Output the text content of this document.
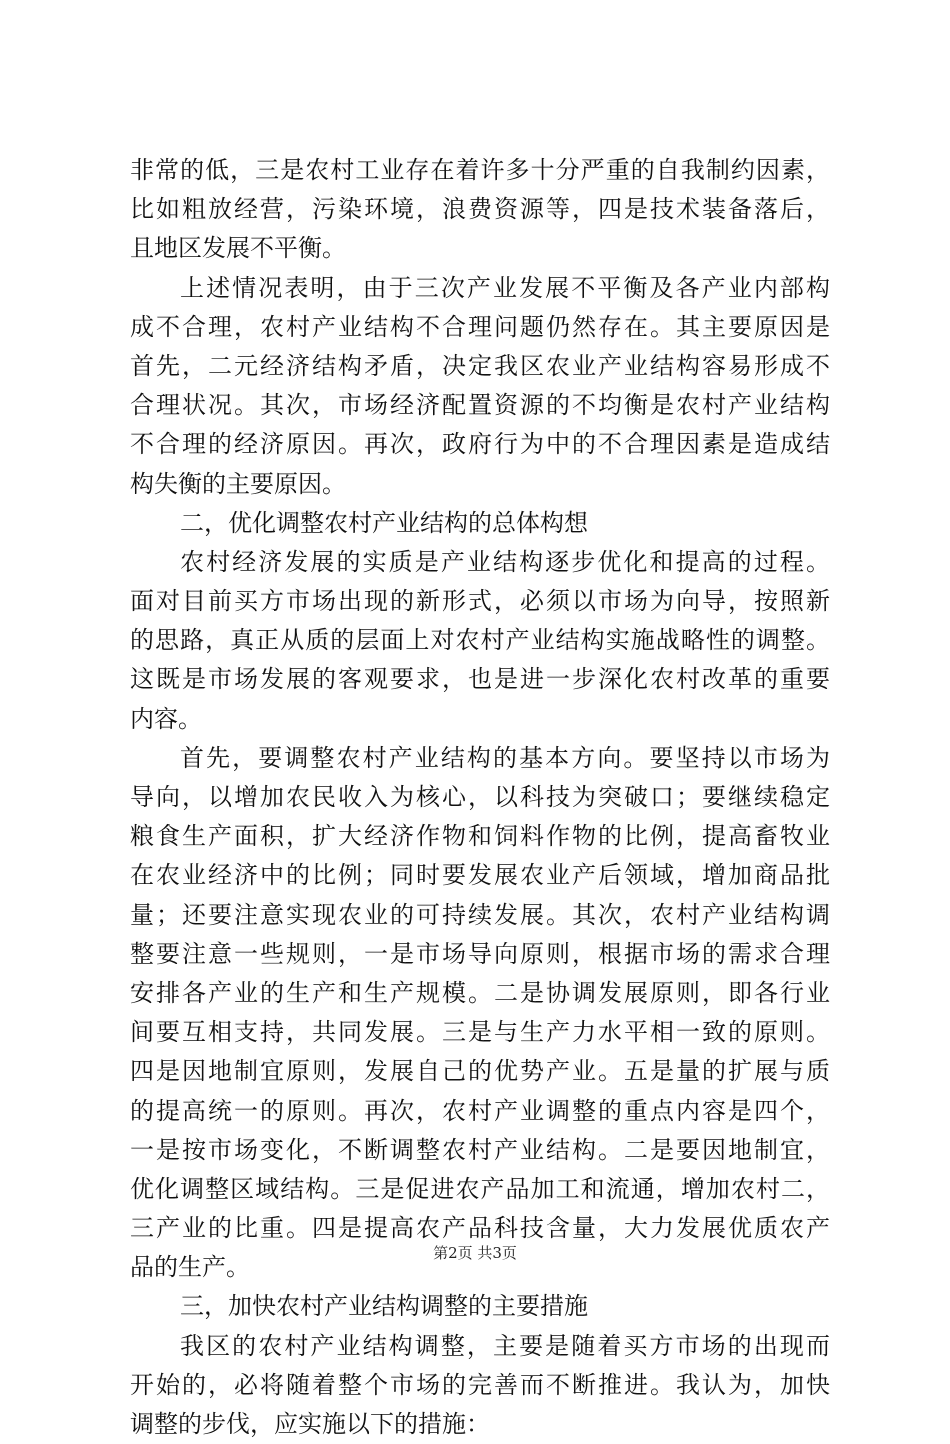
非常的低，三是农村工业存在着许多十分严重的自我制约因素，
比如粗放经营，污染环境，浪费资源等，四是技术装备落后，
且地区发展不平衡。
上述情况表明，由于三次产业发展不平衡及各产业内部构
成不合理，农村产业结构不合理问题仍然存在。其主要原因是
首先，二元经济结构矛盾，决定我区农业产业结构容易形成不
合理状况。其次，市场经济配置资源的不均衡是农村产业结构
不合理的经济原因。再次，政府行为中的不合理因素是造成结
构失衡的主要原因。
二，优化调整农村产业结构的总体构想
农村经济发展的实质是产业结构逐步优化和提高的过程。
面对目前买方市场出现的新形式，必须以市场为向导，按照新
的思路，真正从质的层面上对农村产业结构实施战略性的调整。
这既是市场发展的客观要求，也是进一步深化农村改革的重要
内容。
首先，要调整农村产业结构的基本方向。要坚持以市场为
导向，以增加农民收入为核心，以科技为突破口；要继续稳定
粮食生产面积，扩大经济作物和饲料作物的比例，提高畜牧业
在农业经济中的比例；同时要发展农业产后领域，增加商品批
量；还要注意实现农业的可持续发展。其次，农村产业结构调
整要注意一些规则，一是市场导向原则，根据市场的需求合理
安排各产业的生产和生产规模。二是协调发展原则，即各行业
间要互相支持，共同发展。三是与生产力水平相一致的原则。
四是因地制宜原则，发展自己的优势产业。五是量的扩展与质
的提高统一的原则。再次，农村产业调整的重点内容是四个，
一是按市场变化，不断调整农村产业结构。二是要因地制宜，
优化调整区域结构。三是促进农产品加工和流通，增加农村二，
三产业的比重。四是提高农产品科技含量，大力发展优质农产
品的生产。
三，加快农村产业结构调整的主要措施
我区的农村产业结构调整，主要是随着买方市场的出现而
开始的，必将随着整个市场的完善而不断推进。我认为，加快
调整的步伐，应实施以下的措施：
第2页 共3页
